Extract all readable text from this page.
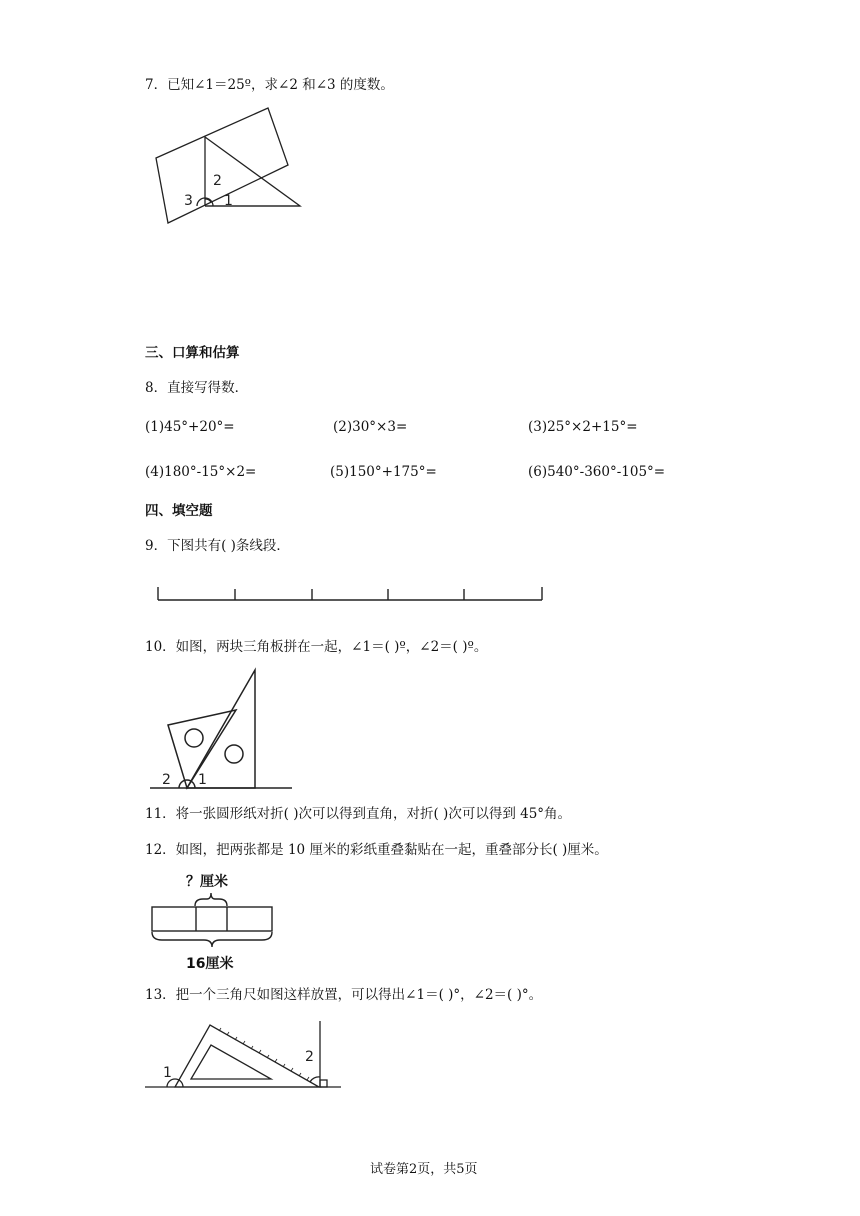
7．已知∠1＝25º，求∠2 和∠3 的度数。
2
3 1
三、口算和估算
8．直接写得数．
(1)45°+20°=	(2)30°×3=	(3)25°×2+15°=
(4)180°-15°×2=	(5)150°+175°=	(6)540°-360°-105°=
四、填空题
9．下图共有( )条线段．
10．如图，两块三角板拼在一起，∠1＝( )º，∠2＝( )º。
2 1
11．将一张圆形纸对折( )次可以得到直角，对折( )次可以得到 45°角。
12．如图，把两张都是 10 厘米的彩纸重叠黏贴在一起，重叠部分长( )厘米。
？厘米
16厘米
13．把一个三角尺如图这样放置，可以得出∠1＝( )°，∠2＝( )°。
1
2
试卷第2页，共5页
